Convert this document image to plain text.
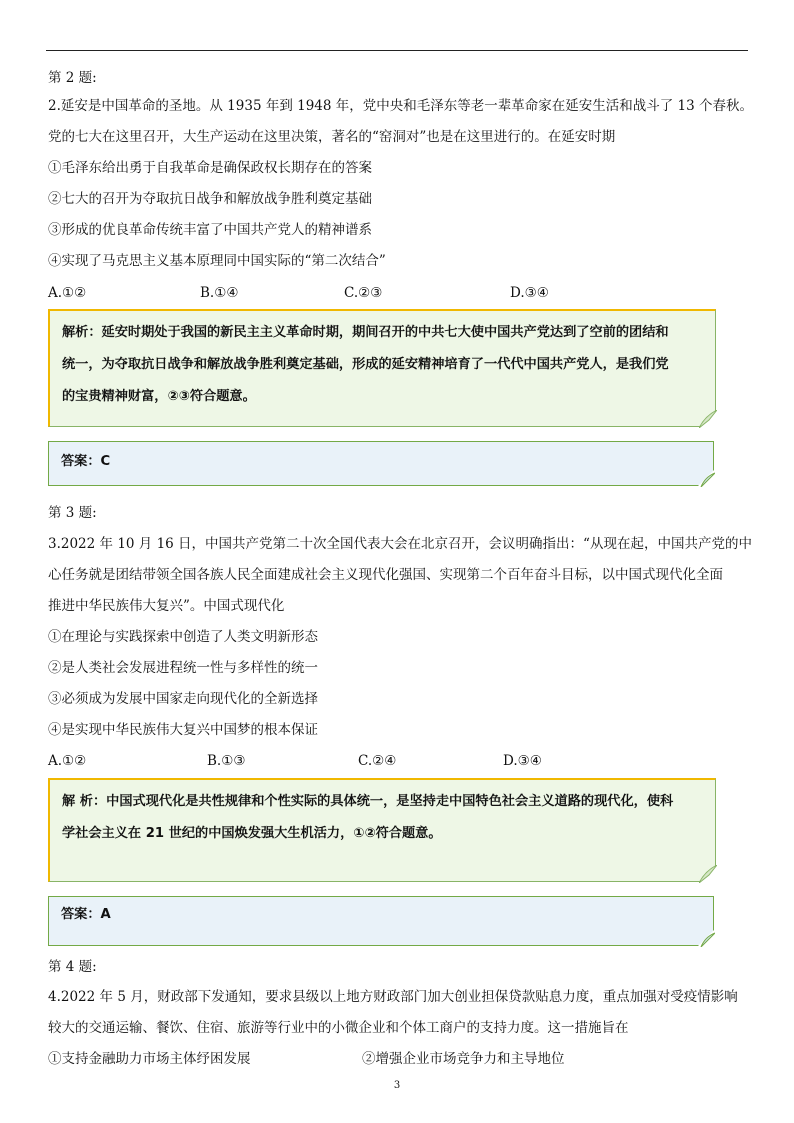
第 2 题:
2.延安是中国革命的圣地。从 1935 年到 1948 年，党中央和毛泽东等老一辈革命家在延安生活和战斗了 13 个春秋。
党的七大在这里召开，大生产运动在这里决策，著名的“窑洞对”也是在这里进行的。在延安时期
①毛泽东给出勇于自我革命是确保政权长期存在的答案
②七大的召开为夺取抗日战争和解放战争胜利奠定基础
③形成的优良革命传统丰富了中国共产党人的精神谱系
④实现了马克思主义基本原理同中国实际的“第二次结合”
A.①②	B.①④	C.②③	D.③④
解析：延安时期处于我国的新民主主义革命时期，期间召开的中共七大使中国共产党达到了空前的团结和
统一，为夺取抗日战争和解放战争胜利奠定基础，形成的延安精神培育了一代代中国共产党人，是我们党
的宝贵精神财富，②③符合题意。
答案：C
第 3 题:
3.2022 年 10 月 16 日，中国共产党第二十次全国代表大会在北京召开，会议明确指出：“从现在起，中国共产党的中
心任务就是团结带领全国各族人民全面建成社会主义现代化强国、实现第二个百年奋斗目标，以中国式现代化全面
推进中华民族伟大复兴”。中国式现代化
①在理论与实践探索中创造了人类文明新形态
②是人类社会发展进程统一性与多样性的统一
③必须成为发展中国家走向现代化的全新选择
④是实现中华民族伟大复兴中国梦的根本保证
A.①②	B.①③	C.②④	D.③④
解 析：中国式现代化是共性规律和个性实际的具体统一，是坚持走中国特色社会主义道路的现代化，使科
学社会主义在 21 世纪的中国焕发强大生机活力，①②符合题意。
答案：A
第 4 题:
4.2022 年 5 月，财政部下发通知，要求县级以上地方财政部门加大创业担保贷款贴息力度，重点加强对受疫情影响
较大的交通运输、餐饮、住宿、旅游等行业中的小微企业和个体工商户的支持力度。这一措施旨在
①支持金融助力市场主体纾困发展	②增强企业市场竞争力和主导地位
3
